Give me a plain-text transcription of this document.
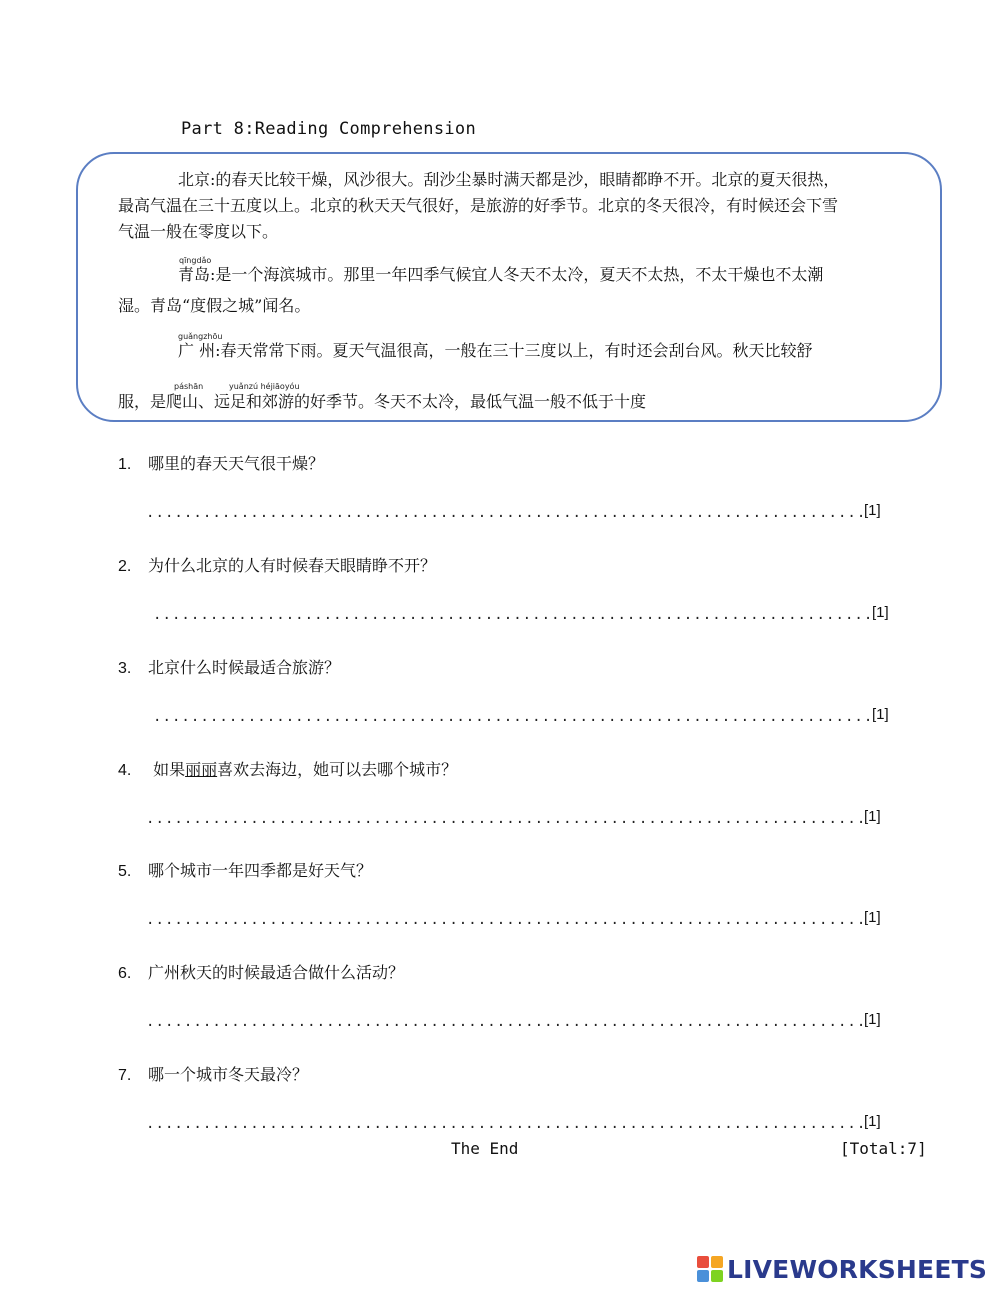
Part 8:Reading Comprehension
北京:的春天比较干燥，风沙很大。刮沙尘暴时满天都是沙，眼睛都睁不开。北京的夏天很热，
最高气温在三十五度以上。北京的秋天天气很好，是旅游的好季节。北京的冬天很冷，有时候还会下雪
气温一般在零度以下。
qīngdǎo
青岛:是一个海滨城市。那里一年四季气候宜人冬天不太冷，夏天不太热，不太干燥也不太潮
湿。青岛“度假之城”闻名。
guǎngzhōu
广 州:春天常常下雨。夏天气温很高，一般在三十三度以上，有时还会刮台风。秋天比较舒
páshān	yuǎnzú héjiāoyóu
服，是爬山、远足和郊游的好季节。冬天不太冷，最低气温一般不低于十度
1. 哪里的春天天气很干燥？
............................................................................
[1]
2. 为什么北京的人有时候春天眼睛睁不开？
............................................................................
[1]
3. 北京什么时候最适合旅游？
............................................................................
[1]
4. 如果丽丽喜欢去海边，她可以去哪个城市？
............................................................................
[1]
5. 哪个城市一年四季都是好天气？
............................................................................
[1]
6. 广州秋天的时候最适合做什么活动？
............................................................................
[1]
7. 哪一个城市冬天最冷？
............................................................................
[1]
The End	[Total:7]
LIVEWORKSHEETS
